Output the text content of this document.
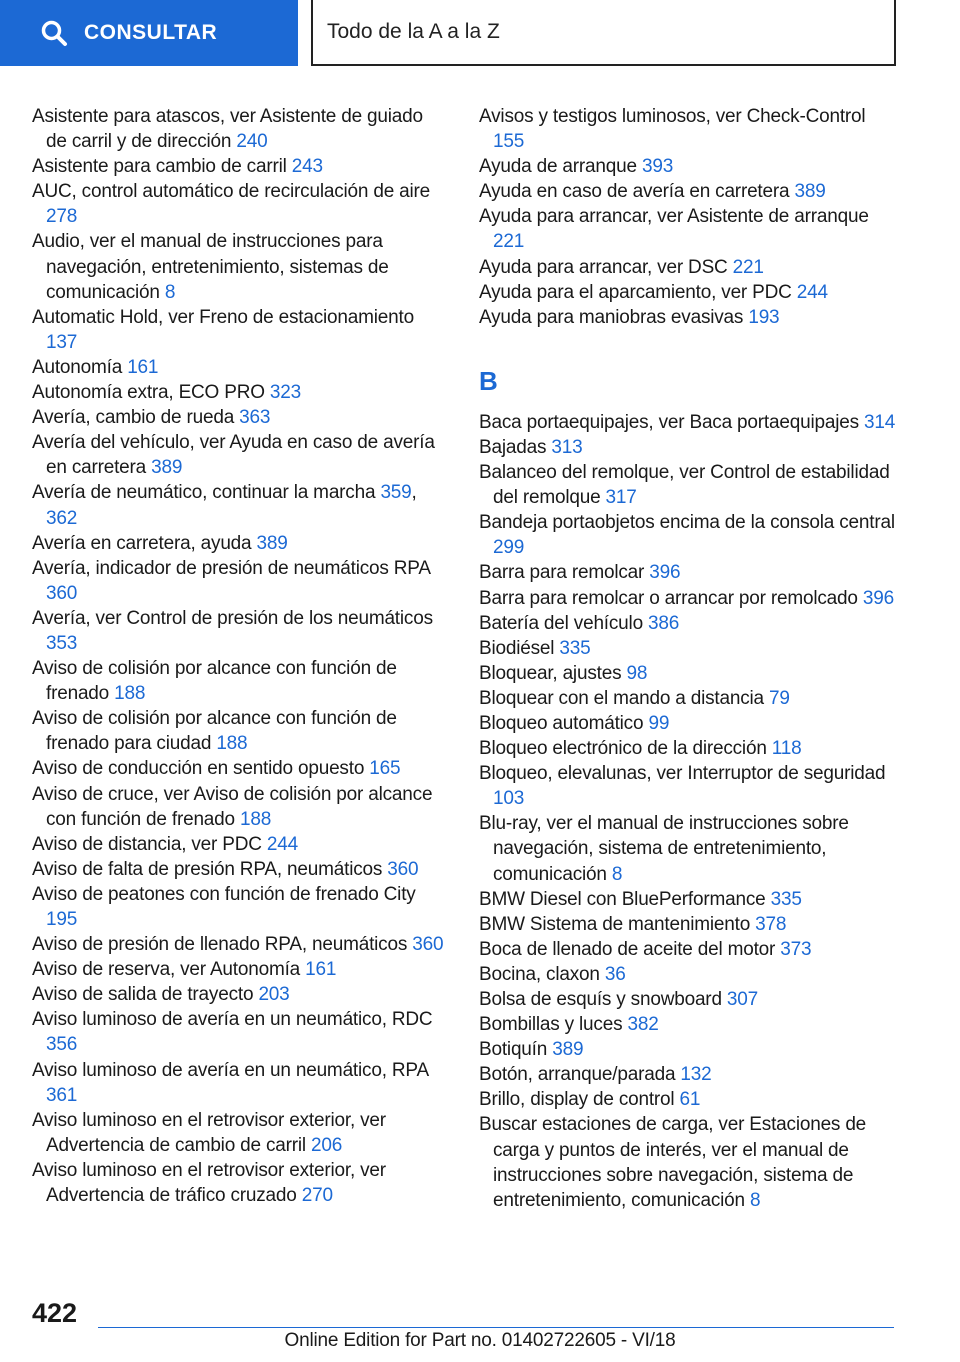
CONSULTAR	Todo de la A a la Z
Asistente para atascos, ver Asistente de guiado de carril y de dirección 240
Asistente para cambio de carril 243
AUC, control automático de recirculación de aire 278
Audio, ver el manual de instrucciones para navegación, entretenimiento, sistemas de comunicación 8
Automatic Hold, ver Freno de estacionamiento 137
Autonomía 161
Autonomía extra, ECO PRO 323
Avería, cambio de rueda 363
Avería del vehículo, ver Ayuda en caso de avería en carretera 389
Avería de neumático, continuar la marcha 359, 362
Avería en carretera, ayuda 389
Avería, indicador de presión de neumáticos RPA 360
Avería, ver Control de presión de los neumáticos 353
Aviso de colisión por alcance con función de frenado 188
Aviso de colisión por alcance con función de frenado para ciudad 188
Aviso de conducción en sentido opuesto 165
Aviso de cruce, ver Aviso de colisión por alcance con función de frenado 188
Aviso de distancia, ver PDC 244
Aviso de falta de presión RPA, neumáticos 360
Aviso de peatones con función de frenado City 195
Aviso de presión de llenado RPA, neumáticos 360
Aviso de reserva, ver Autonomía 161
Aviso de salida de trayecto 203
Aviso luminoso de avería en un neumático, RDC 356
Aviso luminoso de avería en un neumático, RPA 361
Aviso luminoso en el retrovisor exterior, ver Advertencia de cambio de carril 206
Aviso luminoso en el retrovisor exterior, ver Advertencia de tráfico cruzado 270
Avisos y testigos luminosos, ver Check-Control 155
Ayuda de arranque 393
Ayuda en caso de avería en carretera 389
Ayuda para arrancar, ver Asistente de arranque 221
Ayuda para arrancar, ver DSC 221
Ayuda para el aparcamiento, ver PDC 244
Ayuda para maniobras evasivas 193
B
Baca portaequipajes, ver Baca portaequipajes 314
Bajadas 313
Balanceo del remolque, ver Control de estabilidad del remolque 317
Bandeja portaobjetos encima de la consola central 299
Barra para remolcar 396
Barra para remolcar o arrancar por remolcado 396
Batería del vehículo 386
Biodiésel 335
Bloquear, ajustes 98
Bloquear con el mando a distancia 79
Bloqueo automático 99
Bloqueo electrónico de la dirección 118
Bloqueo, elevalunas, ver Interruptor de seguridad 103
Blu-ray, ver el manual de instrucciones sobre navegación, sistema de entretenimiento, comunicación 8
BMW Diesel con BluePerformance 335
BMW Sistema de mantenimiento 378
Boca de llenado de aceite del motor 373
Bocina, claxon 36
Bolsa de esquís y snowboard 307
Bombillas y luces 382
Botiquín 389
Botón, arranque/parada 132
Brillo, display de control 61
Buscar estaciones de carga, ver Estaciones de carga y puntos de interés, ver el manual de instrucciones sobre navegación, sistema de entretenimiento, comunicación 8
422
Online Edition for Part no. 01402722605 - VI/18
